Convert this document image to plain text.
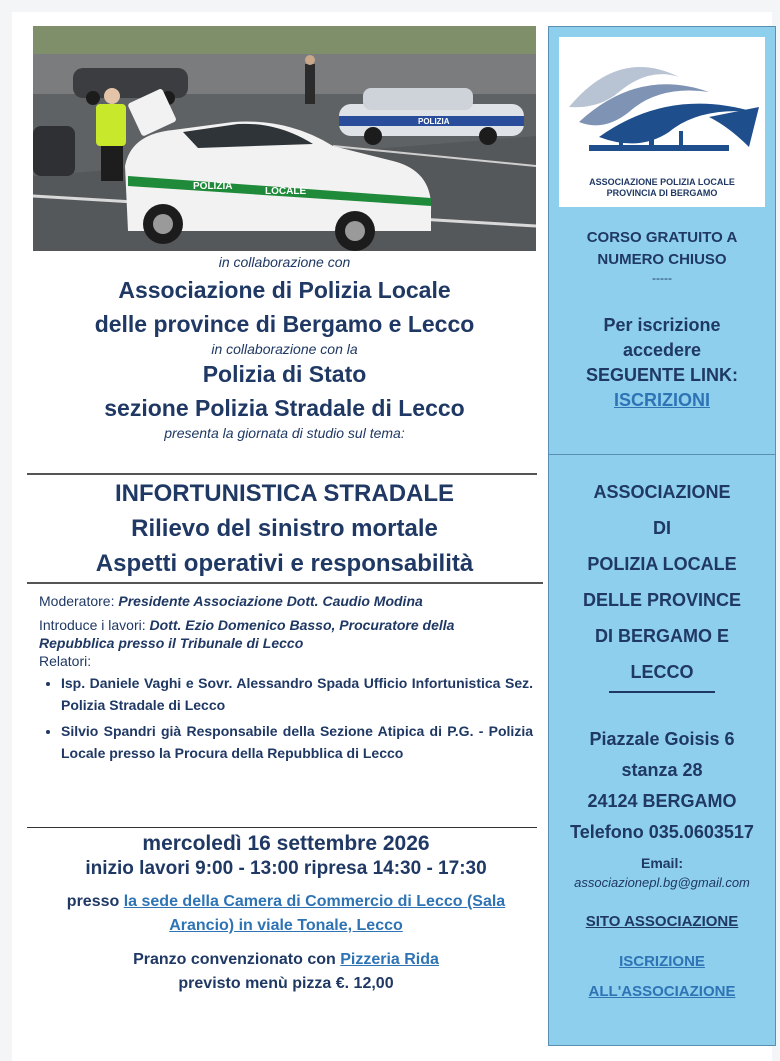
POLIZIA
POLIZIA	LOCALE
in collaborazione con
Associazione di Polizia Locale
delle province di Bergamo e Lecco
in collaborazione con la
Polizia di Stato
sezione Polizia Stradale di Lecco
presenta la giornata di studio sul tema:
INFORTUNISTICA STRADALE
Rilievo del sinistro mortale
Aspetti operativi e responsabilità
Moderatore: Presidente Associazione Dott. Caudio Modina
Introduce i lavori: Dott. Ezio Domenico Basso, Procuratore della Repubblica presso il Tribunale di Lecco
Relatori:
• Isp. Daniele Vaghi e Sovr. Alessandro Spada Ufficio Infortunistica Sez. Polizia Stradale di Lecco
• Silvio Spandri già Responsabile della Sezione Atipica di P.G. - Polizia Locale presso la Procura della Repubblica di Lecco
mercoledì 16 settembre 2026
inizio lavori 9:00 - 13:00 ripresa 14:30 - 17:30
presso la sede della Camera di Commercio di Lecco (Sala Arancio) in viale Tonale, Lecco
Pranzo convenzionato con Pizzeria Rida
previsto menù pizza €. 12,00
ASSOCIAZIONE POLIZIA LOCALE
PROVINCIA DI BERGAMO
CORSO GRATUITO A
NUMERO CHIUSO
-----
Per iscrizione
accedere
SEGUENTE LINK:
ISCRIZIONI
ASSOCIAZIONE
DI
POLIZIA LOCALE
DELLE PROVINCE
DI BERGAMO E
LECCO
Piazzale Goisis 6
stanza 28
24124 BERGAMO
Telefono 035.0603517
Email:
associazionepl.bg@gmail.com
SITO ASSOCIAZIONE
ISCRIZIONE
ALL'ASSOCIAZIONE
